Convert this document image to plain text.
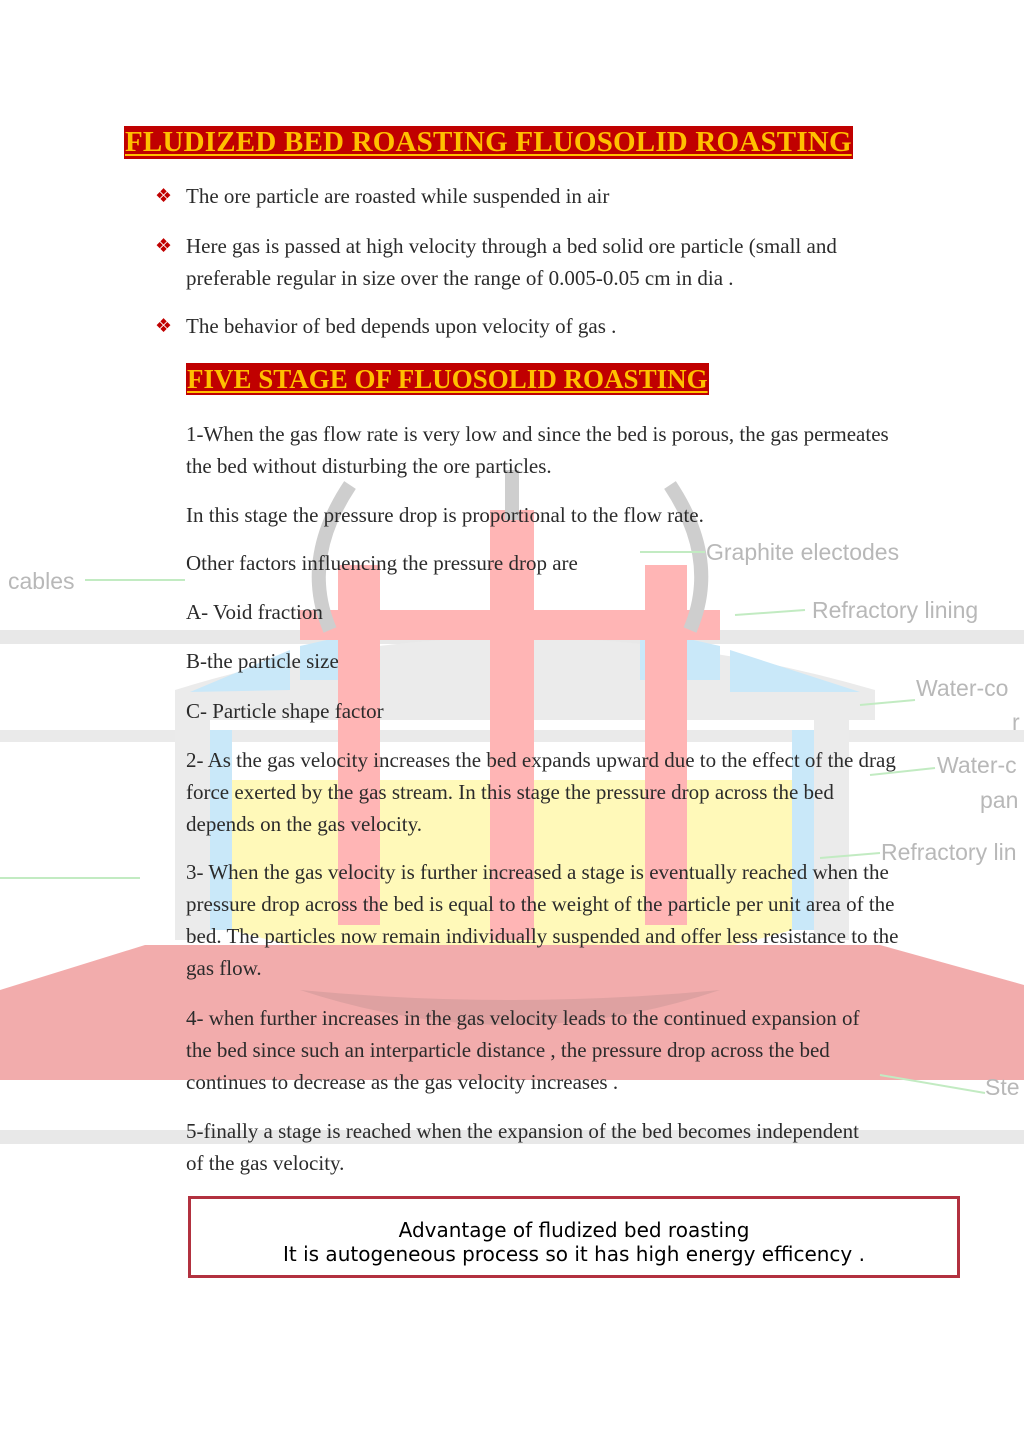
cables
Graphite electodes
Refractory lining
Water-co
r
Water-c
pan
Refractory lin
Ste
FLUDIZED BED ROASTING FLUOSOLID ROASTING
❖ The ore particle are roasted while suspended in air
❖ Here gas is passed at high velocity through a bed solid ore particle (small and preferable regular in size over the range of 0.005-0.05 cm in dia .
❖ The behavior of bed depends upon velocity of gas .
FIVE STAGE OF FLUOSOLID ROASTING

1-When the gas flow rate is very low and since the bed is porous, the gas permeates the bed without disturbing the ore particles.

In this stage the pressure drop is proportional to the flow rate.

Other factors influencing the pressure drop are

A- Void fraction

B-the particle size

C- Particle shape factor

2- As the gas velocity increases the bed expands upward due to the effect of the drag force exerted by the gas stream. In this stage the pressure drop across the bed depends on the gas velocity.

3- When the gas velocity is further increased a stage is eventually reached when the pressure drop across the bed is equal to the weight of the particle per unit area of the bed. The particles now remain individually suspended and offer less resistance to the gas flow.

4- when further increases in the gas velocity leads to the continued expansion of the bed since such an interparticle distance , the pressure drop across the bed continues to decrease as the gas velocity increases .

5-finally a stage is reached when the expansion of the bed becomes independent of the gas velocity.

Advantage of fludized bed roasting
It is autogeneous process so it has high energy efficency .
